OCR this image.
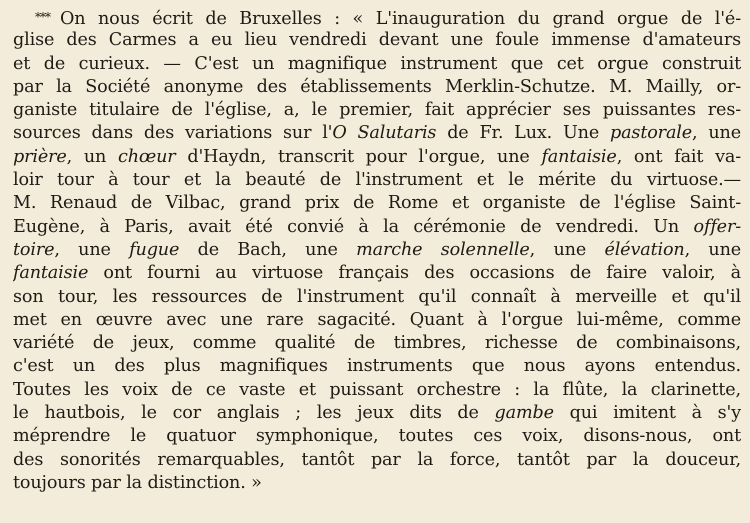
*** On nous écrit de Bruxelles : « L'inauguration du grand orgue de l'é-
glise des Carmes a eu lieu vendredi devant une foule immense d'amateurs
et de curieux. — C'est un magnifique instrument que cet orgue construit
par la Société anonyme des établissements Merklin-Schutze. M. Mailly, or-
ganiste titulaire de l'église, a, le premier, fait apprécier ses puissantes res-
sources dans des variations sur l'O Salutaris de Fr. Lux. Une pastorale, une
prière, un chœur d'Haydn, transcrit pour l'orgue, une fantaisie, ont fait va-
loir tour à tour et la beauté de l'instrument et le mérite du virtuose.—
M. Renaud de Vilbac, grand prix de Rome et organiste de l'église Saint-
Eugène, à Paris, avait été convié à la cérémonie de vendredi. Un offer-
toire, une fugue de Bach, une marche solennelle, une élévation, une
fantaisie ont fourni au virtuose français des occasions de faire valoir, à
son tour, les ressources de l'instrument qu'il connaît à merveille et qu'il
met en œuvre avec une rare sagacité. Quant à l'orgue lui-même, comme
variété de jeux, comme qualité de timbres, richesse de combinaisons,
c'est un des plus magnifiques instruments que nous ayons entendus.
Toutes les voix de ce vaste et puissant orchestre : la flûte, la clarinette,
le hautbois, le cor anglais ; les jeux dits de gambe qui imitent à s'y
méprendre le quatuor symphonique, toutes ces voix, disons-nous, ont
des sonorités remarquables, tantôt par la force, tantôt par la douceur,
toujours par la distinction. »
